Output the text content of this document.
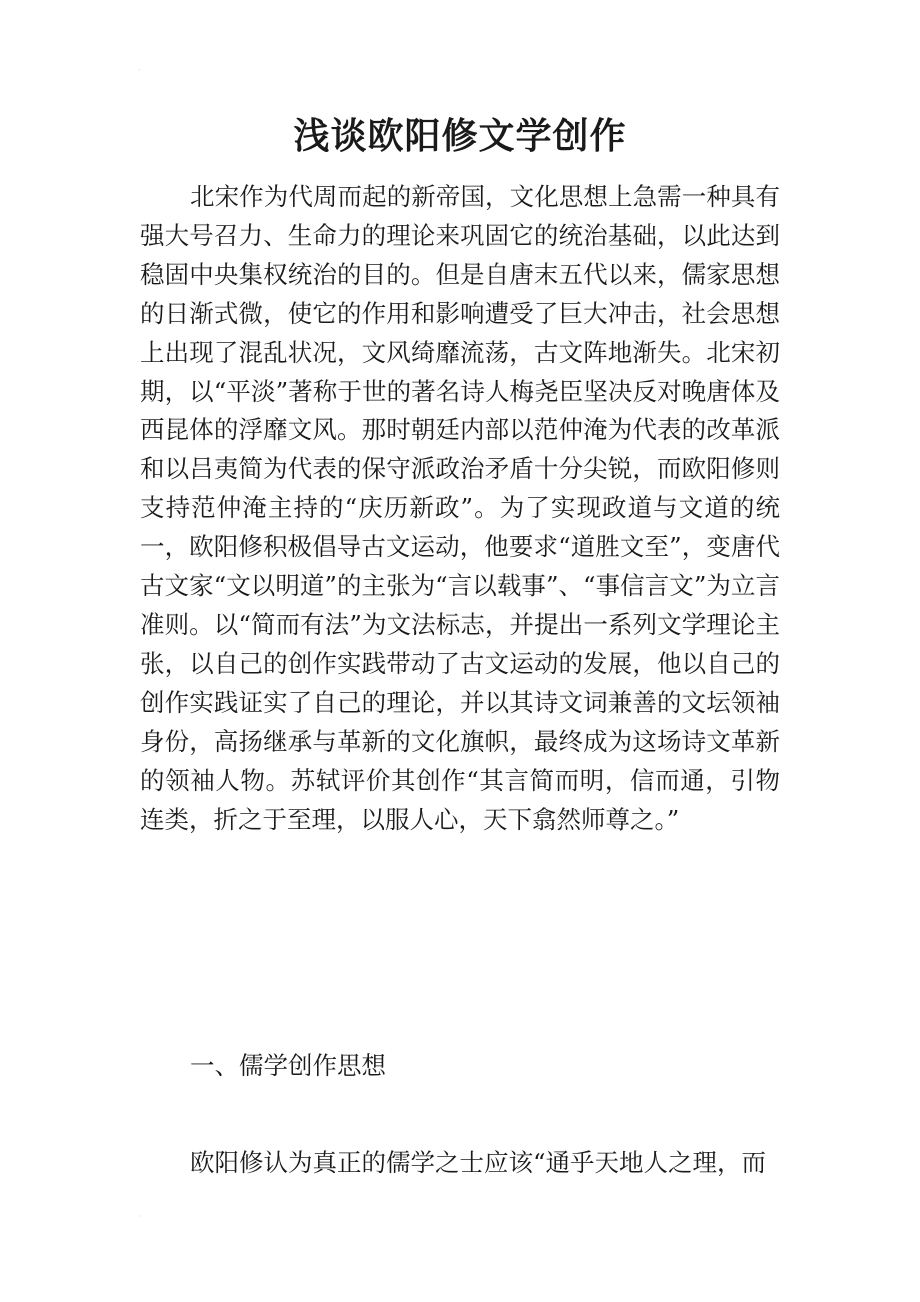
·
浅谈欧阳修文学创作

北宋作为代周而起的新帝国，文化思想上急需一种具有强大号召力、生命力的理论来巩固它的统治基础，以此达到稳固中央集权统治的目的。但是自唐末五代以来，儒家思想的日渐式微，使它的作用和影响遭受了巨大冲击，社会思想上出现了混乱状况，文风绮靡流荡，古文阵地渐失。北宋初期，以“平淡”著称于世的著名诗人梅尧臣坚决反对晚唐体及西昆体的浮靡文风。那时朝廷内部以范仲淹为代表的改革派和以吕夷简为代表的保守派政治矛盾十分尖锐，而欧阳修则支持范仲淹主持的“庆历新政”。为了实现政道与文道的统一，欧阳修积极倡导古文运动，他要求“道胜文至”，变唐代古文家“文以明道”的主张为“言以载事”、“事信言文”为立言准则。以“简而有法”为文法标志，并提出一系列文学理论主张，以自己的创作实践带动了古文运动的发展，他以自己的创作实践证实了自己的理论，并以其诗文词兼善的文坛领袖身份，高扬继承与革新的文化旗帜，最终成为这场诗文革新的领袖人物。苏轼评价其创作“其言简而明，信而通，引物连类，折之于至理，以服人心，天下翕然师尊之。”

一、儒学创作思想

欧阳修认为真正的儒学之士应该“通乎天地人之理，而

·
